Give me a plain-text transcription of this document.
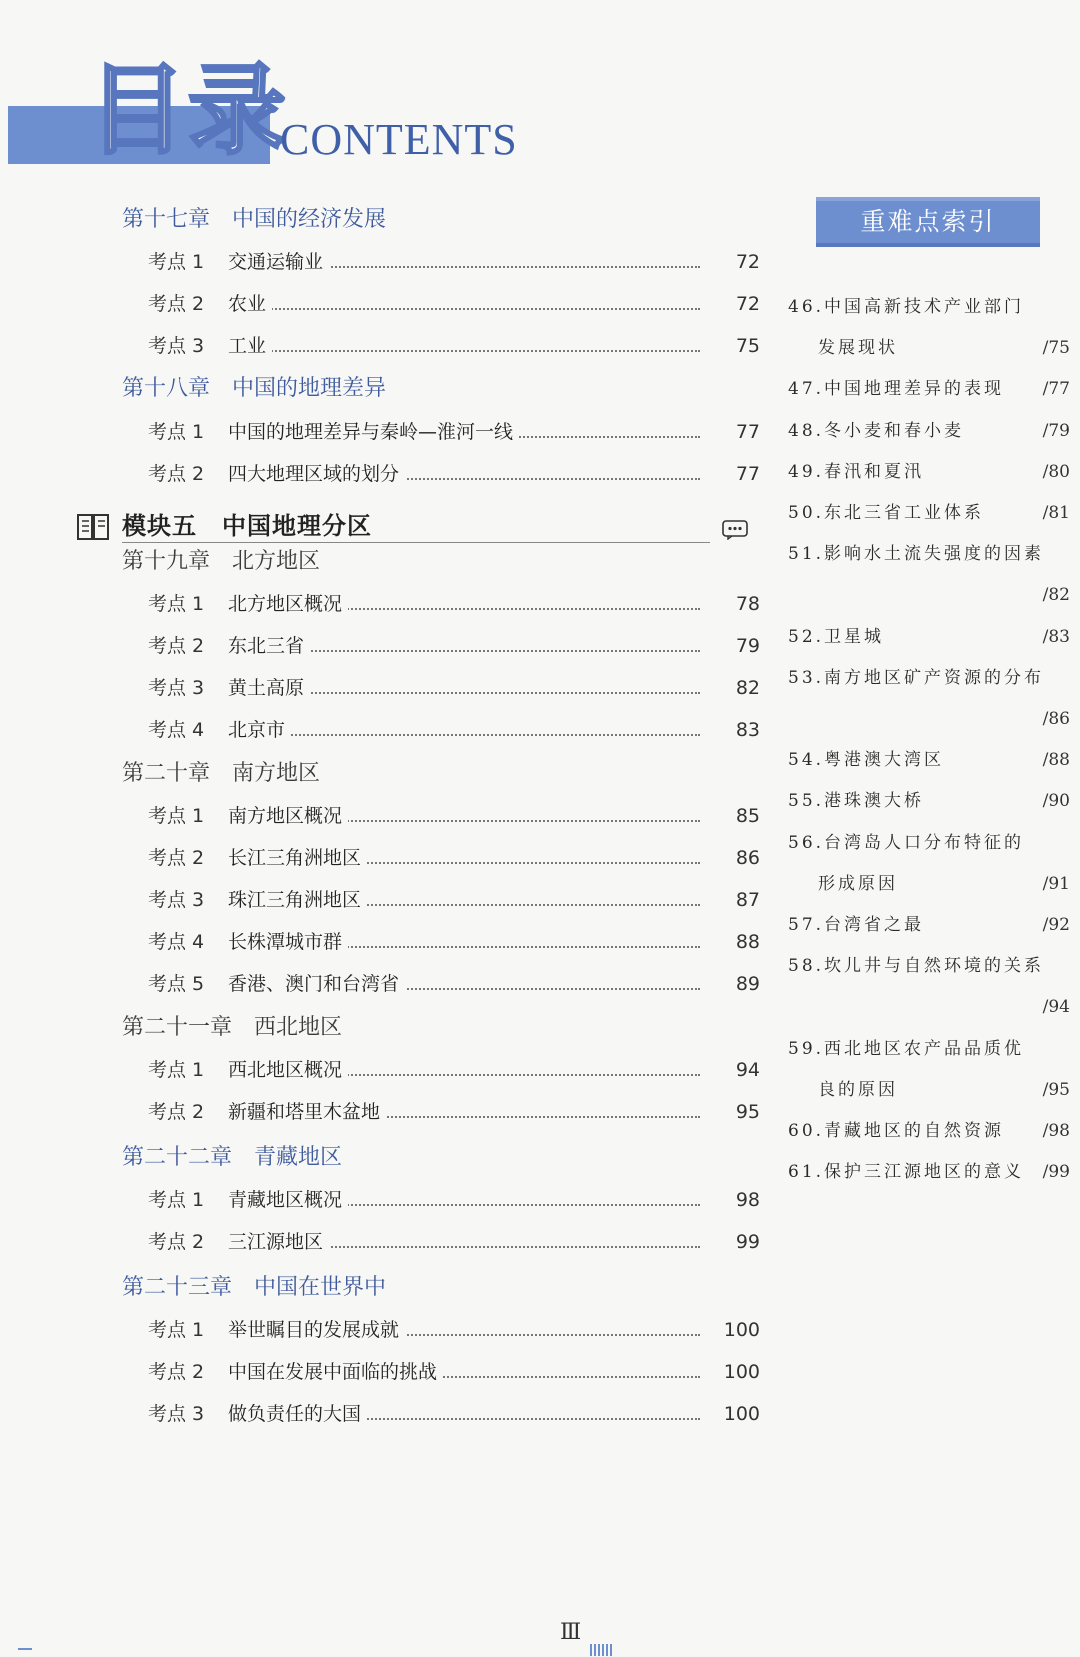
目录
CONTENTS
第十七章　中国的经济发展
考点 1 交通运输业	72
考点 2 农业	72
考点 3 工业	75
第十八章　中国的地理差异
考点 1 中国的地理差异与秦岭—淮河一线	77
考点 2 四大地理区域的划分	77
第十九章　北方地区
考点 1 北方地区概况	78
考点 2 东北三省	79
考点 3 黄土高原	82
考点 4 北京市	83
第二十章　南方地区
考点 1 南方地区概况	85
考点 2 长江三角洲地区	86
考点 3 珠江三角洲地区	87
考点 4 长株潭城市群	88
考点 5 香港、澳门和台湾省	89
第二十一章　西北地区
考点 1 西北地区概况	94
考点 2 新疆和塔里木盆地	95
第二十二章　青藏地区
考点 1 青藏地区概况	98
考点 2 三江源地区	99
第二十三章　中国在世界中
考点 1 举世瞩目的发展成就	100
考点 2 中国在发展中面临的挑战	100
考点 3 做负责任的大国	100
模块五　中国地理分区
重难点索引
46.中国高新技术产业部门
发展现状	/75
47.中国地理差异的表现 /77
48.冬小麦和春小麦	/79
49.春汛和夏汛	/80
50.东北三省工业体系	/81
51.影响水土流失强度的因素
/82
52.卫星城	/83
53.南方地区矿产资源的分布
/86
54.粤港澳大湾区	/88
55.港珠澳大桥	/90
56.台湾岛人口分布特征的
形成原因	/91
57.台湾省之最	/92
58.坎儿井与自然环境的关系
/94
59.西北地区农产品品质优
良的原因	/95
60.青藏地区的自然资源 /98
61.保护三江源地区的意义 /99
Ⅲ
